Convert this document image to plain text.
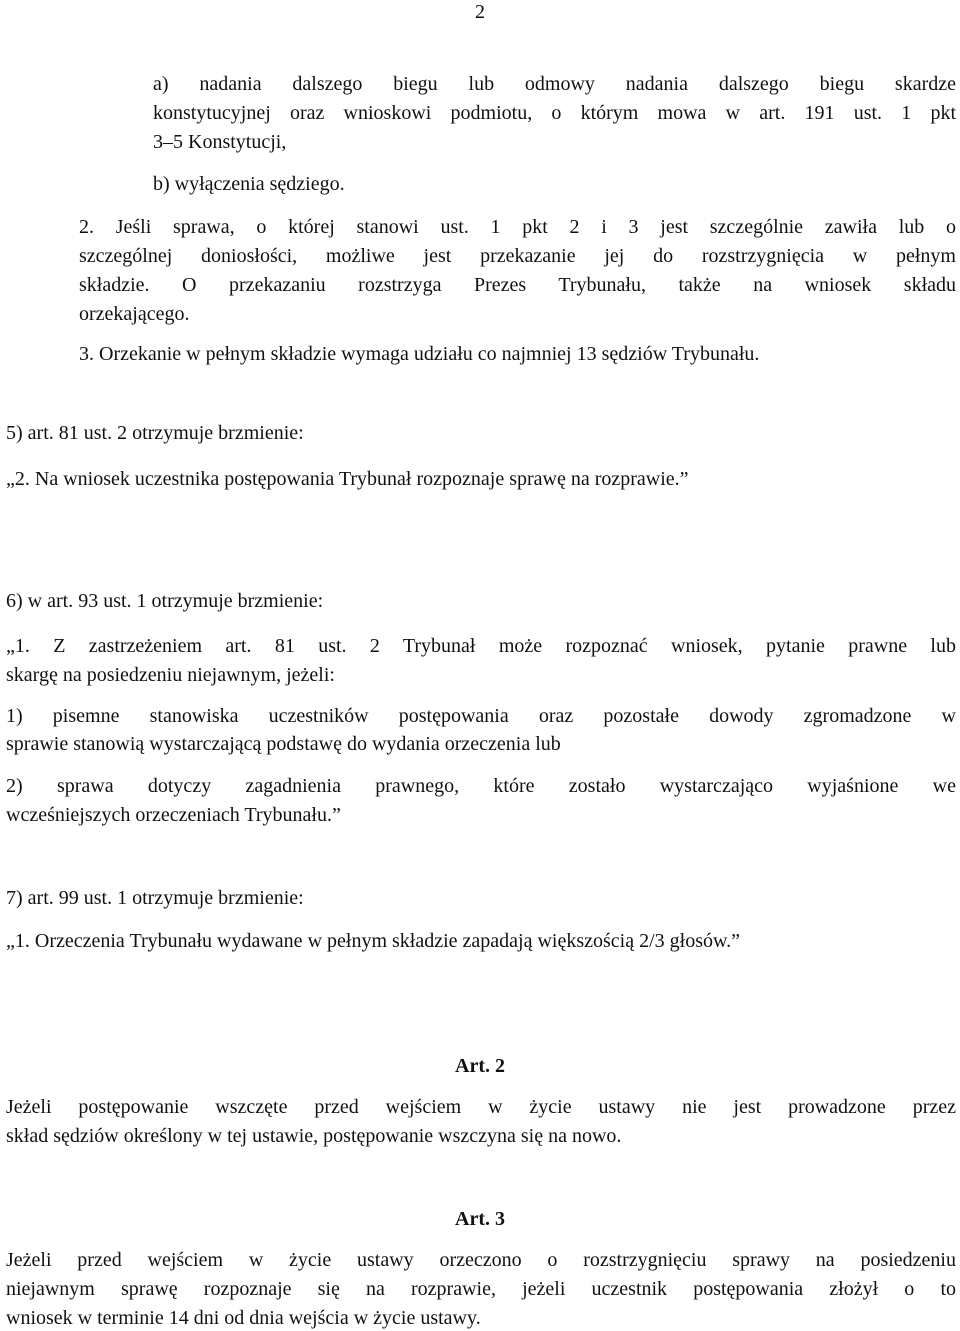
2
a) nadania dalszego biegu lub odmowy nadania dalszego biegu skardze
konstytucyjnej oraz wnioskowi podmiotu, o którym mowa w art. 191 ust. 1 pkt
3–5 Konstytucji,
b) wyłączenia sędziego.
2. Jeśli sprawa, o której stanowi ust. 1 pkt 2 i 3 jest szczególnie zawiła lub o
szczególnej doniosłości, możliwe jest przekazanie jej do rozstrzygnięcia w pełnym
składzie. O przekazaniu rozstrzyga Prezes Trybunału, także na wniosek składu
orzekającego.
3. Orzekanie w pełnym składzie wymaga udziału co najmniej 13 sędziów Trybunału.
5) art. 81 ust. 2 otrzymuje brzmienie:
„2. Na wniosek uczestnika postępowania Trybunał rozpoznaje sprawę na rozprawie.”
6) w art. 93 ust. 1 otrzymuje brzmienie:
„1. Z zastrzeżeniem art. 81 ust. 2 Trybunał może rozpoznać wniosek, pytanie prawne lub
skargę na posiedzeniu niejawnym, jeżeli:
1) pisemne stanowiska uczestników postępowania oraz pozostałe dowody zgromadzone w
sprawie stanowią wystarczającą podstawę do wydania orzeczenia lub
2) sprawa dotyczy zagadnienia prawnego, które zostało wystarczająco wyjaśnione we
wcześniejszych orzeczeniach Trybunału.”
7) art. 99 ust. 1 otrzymuje brzmienie:
„1. Orzeczenia Trybunału wydawane w pełnym składzie zapadają większością 2/3 głosów.”
Art. 2
Jeżeli postępowanie wszczęte przed wejściem w życie ustawy nie jest prowadzone przez
skład sędziów określony w tej ustawie, postępowanie wszczyna się na nowo.
Art. 3
Jeżeli przed wejściem w życie ustawy orzeczono o rozstrzygnięciu sprawy na posiedzeniu
niejawnym sprawę rozpoznaje się na rozprawie, jeżeli uczestnik postępowania złożył o to
wniosek w terminie 14 dni od dnia wejścia w życie ustawy.
